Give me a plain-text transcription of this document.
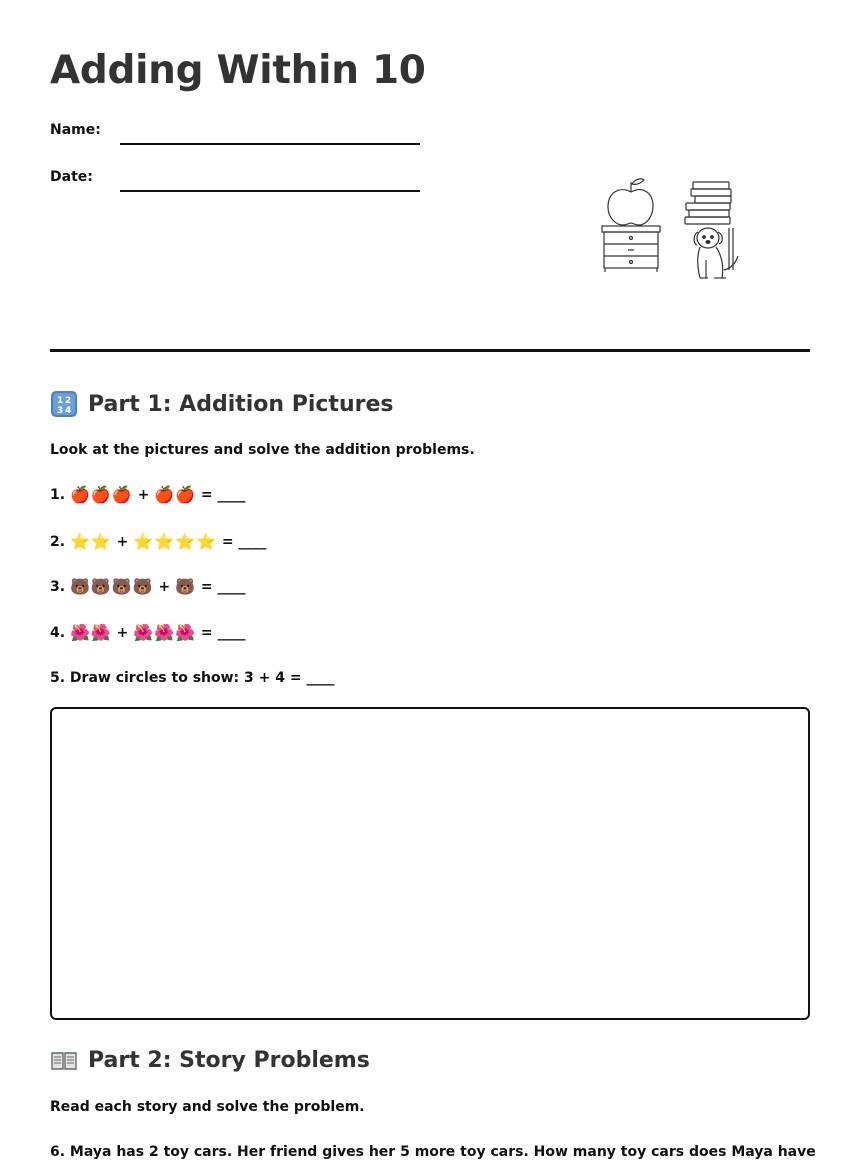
Adding Within 10
Name:
Date:
1 2
3 4 Part 1: Addition Pictures
Look at the pictures and solve the addition problems.
1. 🍎 🍎 🍎 + 🍎 🍎 = ____
2. ⭐ ⭐ + ⭐ ⭐ ⭐ ⭐ = ____
3. 🐻 🐻 🐻 🐻 + 🐻 = ____
4. 🌺 🌺 + 🌺 🌺 🌺 = ____
5. Draw circles to show: 3 + 4 = ____
Part 2: Story Problems
Read each story and solve the problem.
6. Maya has 2 toy cars. Her friend gives her 5 more toy cars. How many toy cars does Maya have
